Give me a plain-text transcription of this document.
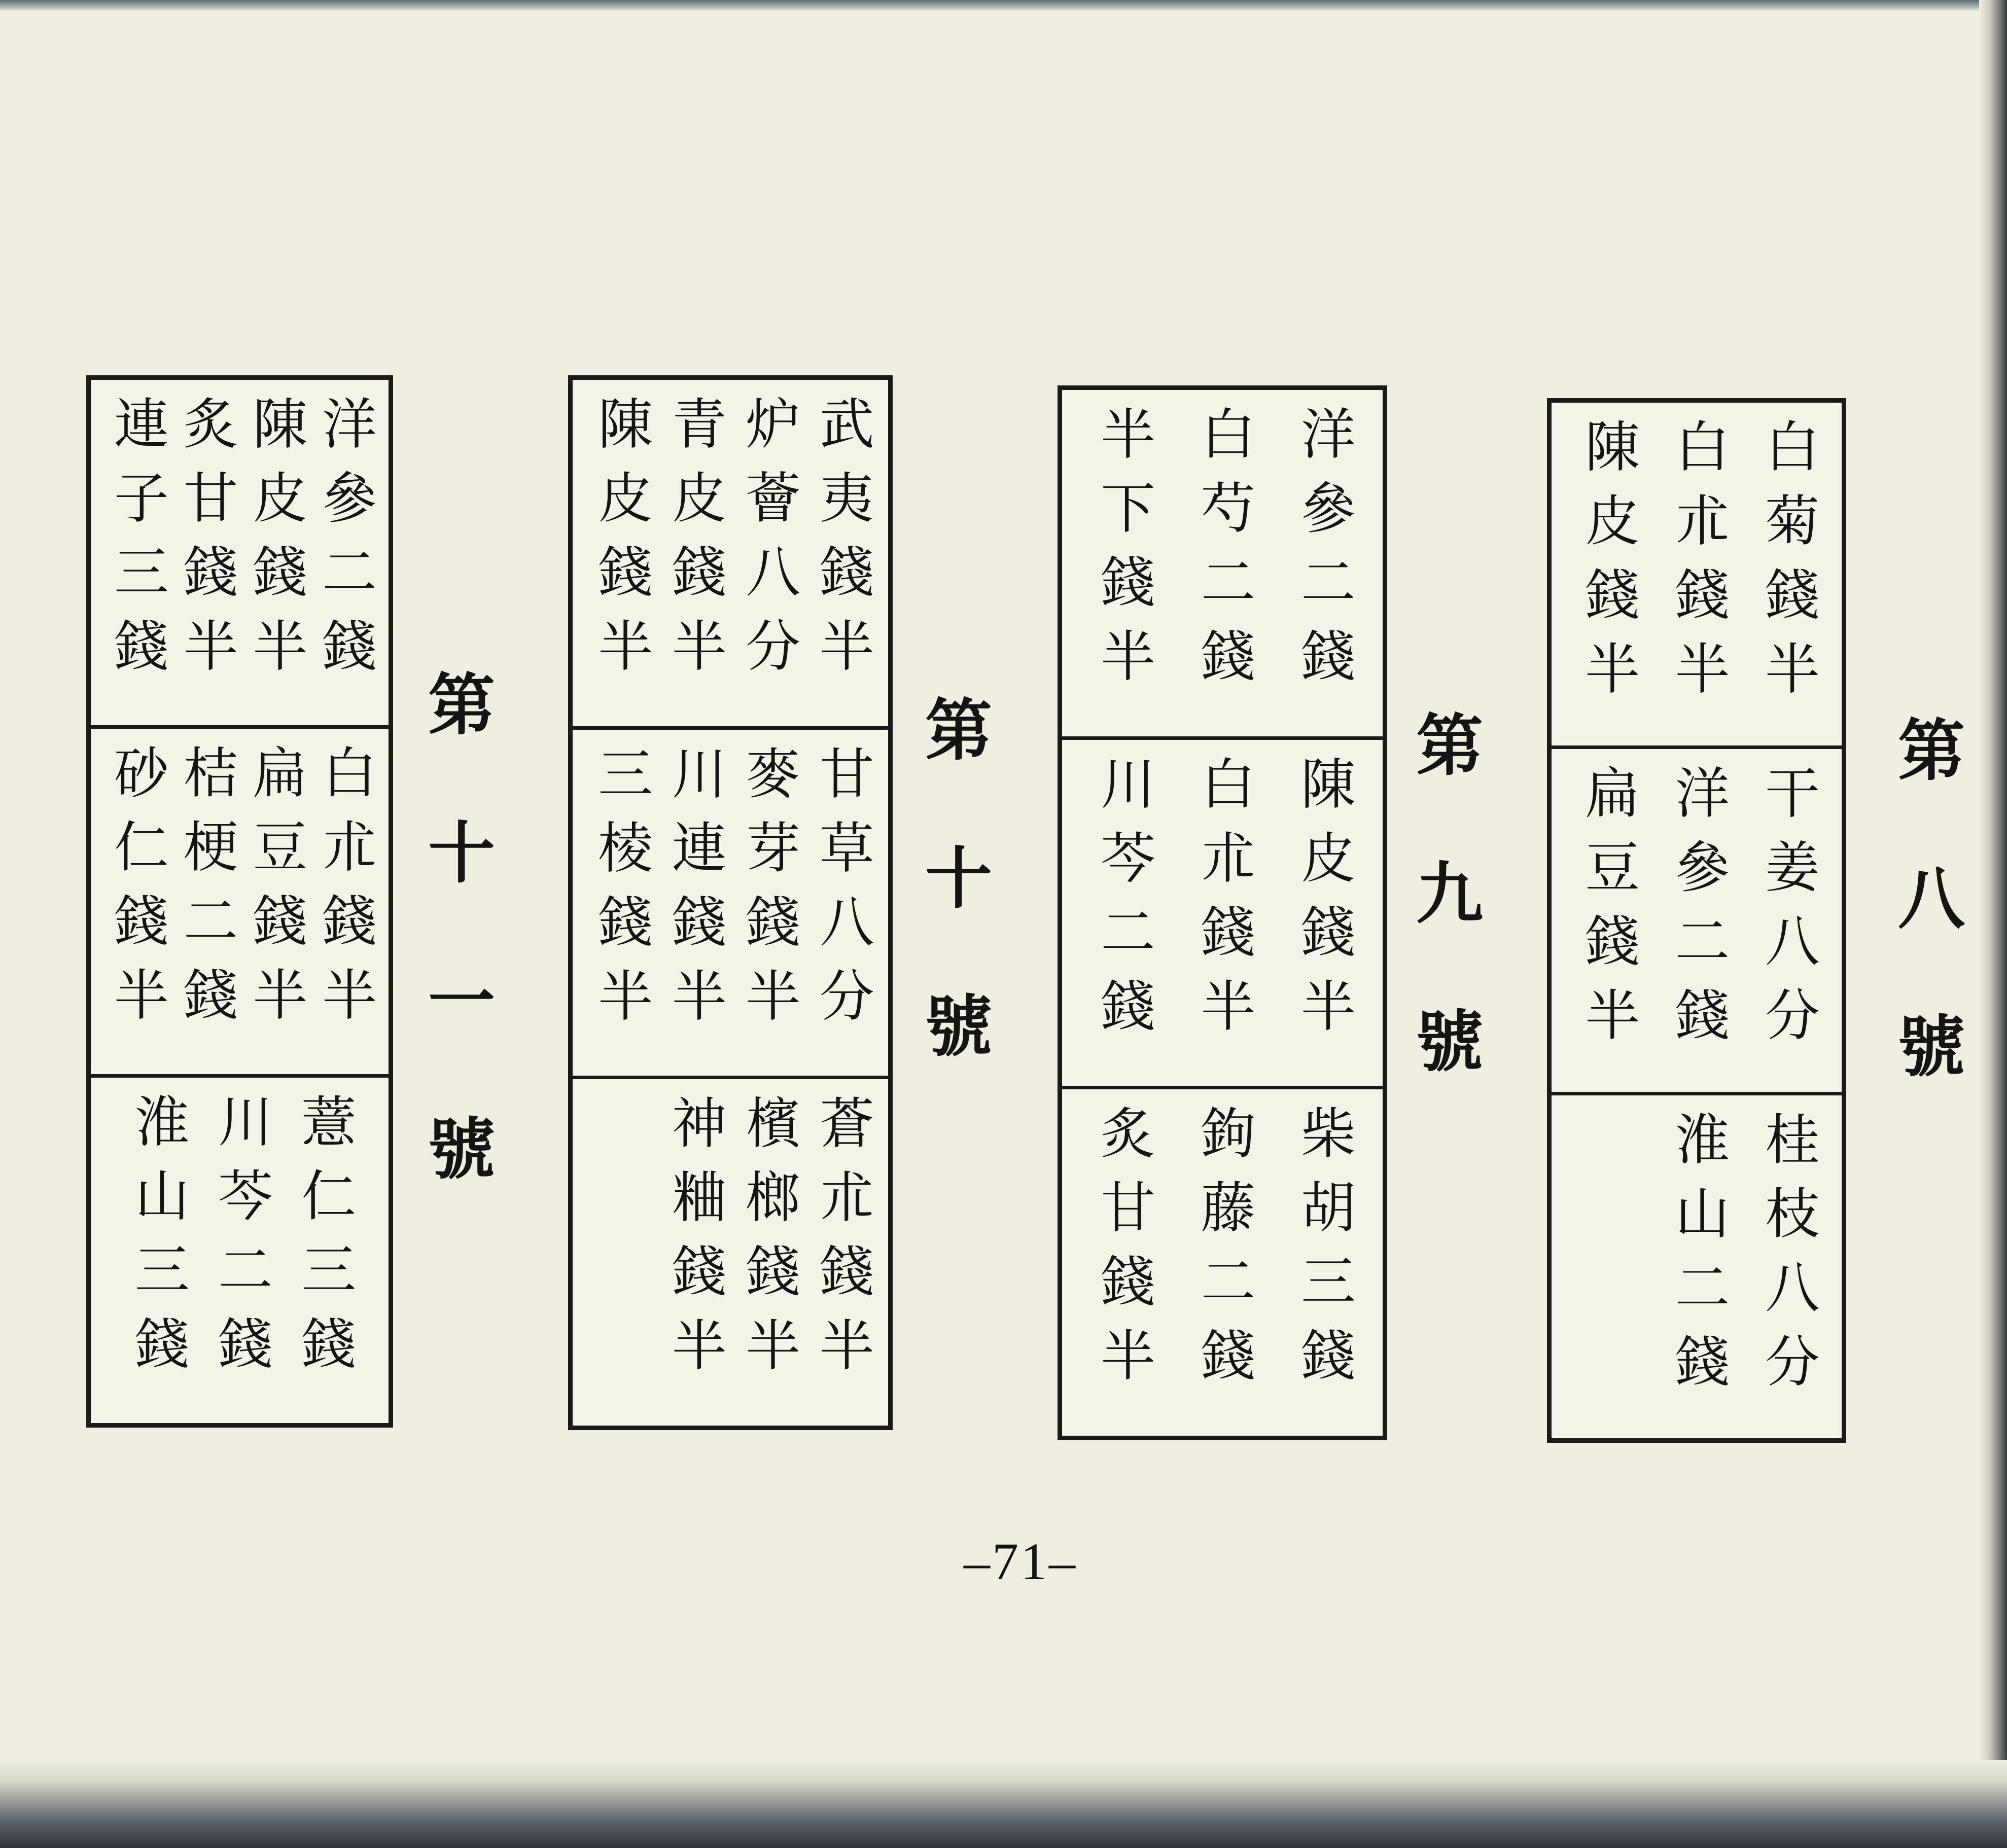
洋參二錢
陳皮錢半
炙甘錢半
連子三錢
白朮錢半
扁豆錢半
桔梗二錢
砂仁錢半
薏仁三錢
川芩二錢
淮山三錢	第十一號
武夷錢半
炉薈八分
青皮錢半
陳皮錢半
甘草八分
麥芽錢半
川連錢半
三棱錢半
蒼朮錢半
檳榔錢半
神粬錢半
第十號
洋參二錢
白芍二錢
半下錢半
陳皮錢半
白朮錢半
川芩二錢
柴胡三錢
鉤藤二錢
炙甘錢半
第九號
白菊錢半
白朮錢半
陳皮錢半
干姜八分
洋參二錢
扁豆錢半
桂枝八分
淮山二錢
第八號
–71–
